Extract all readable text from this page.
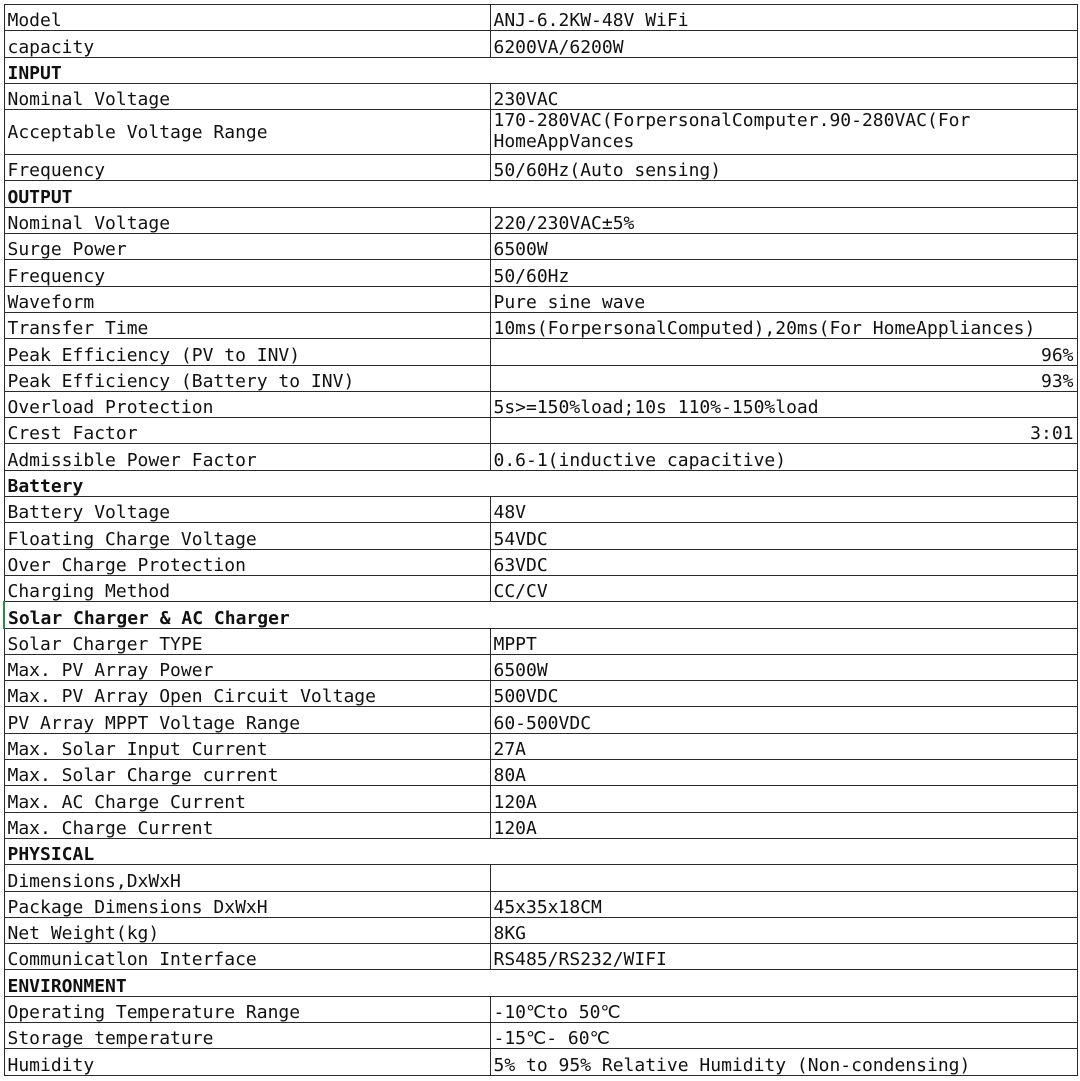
Model	ANJ-6.2KW-48V WiFi
capacity	6200VA/6200W
INPUT	
Nominal Voltage	230VAC
Acceptable Voltage Range	170-280VAC(ForpersonalComputer.90-280VAC(For HomeAppVances
Frequency	50/60Hz(Auto sensing)
OUTPUT	
Nominal Voltage	220/230VAC±5%
Surge Power	6500W
Frequency	50/60Hz
Waveform	Pure sine wave
Transfer Time	10ms(ForpersonalComputed),20ms(For HomeAppliances)
Peak Efficiency (PV to INV)	96%
Peak Efficiency (Battery to INV)	93%
Overload Protection	5s>=150%load;10s 110%-150%load
Crest Factor	3:01
Admissible Power Factor	0.6-1(inductive capacitive)
Battery	
Battery Voltage	48V
Floating Charge Voltage	54VDC
Over Charge Protection	63VDC
Charging Method	CC/CV
Solar Charger & AC Charger	
Solar Charger TYPE	MPPT
Max. PV Array Power	6500W
Max. PV Array Open Circuit Voltage	500VDC
PV Array MPPT Voltage Range	60-500VDC
Max. Solar Input Current	27A
Max. Solar Charge current	80A
Max. AC Charge Current	120A
Max. Charge Current	120A
PHYSICAL	
Dimensions,DxWxH	
Package Dimensions DxWxH	45x35x18CM
Net Weight(kg)	8KG
Communicatlon Interface	RS485/RS232/WIFI
ENVIRONMENT	
Operating Temperature Range	-10℃to 50℃
Storage temperature	-15℃- 60℃
Humidity	5% to 95% Relative Humidity (Non-condensing)
